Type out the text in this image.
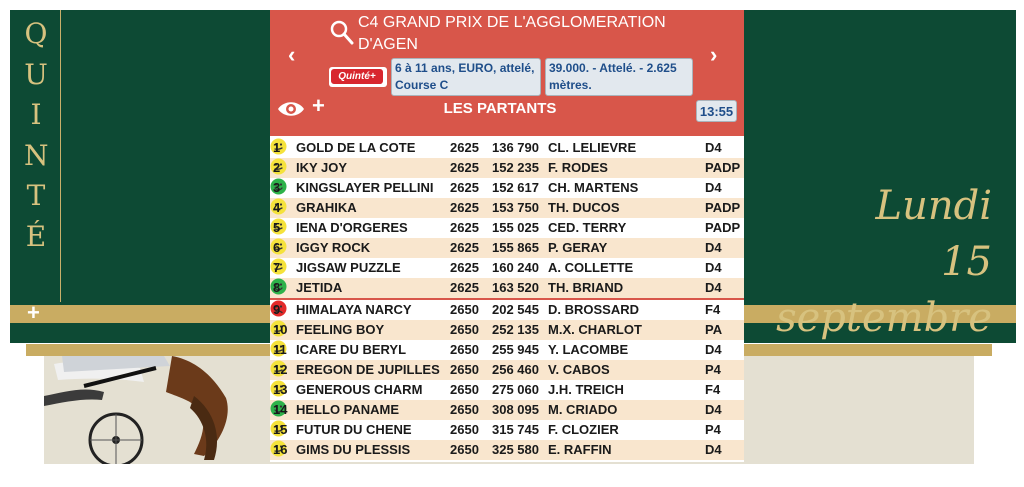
Q
U
I
N
T
É
+
Lundi
15 septembre
‹	›
C4 GRAND PRIX DE L'AGGLOMERATION D'AGEN
Quinté+
6 à 11 ans, EURO, attelé, Course C
39.000. - Attelé. - 2.625 mètres.
+	LES PARTANTS	13:55
1 GOLD DE LA COTE	2625 136 790 CL. LELIEVRE	D4
2 IKY JOY	2625 152 235 F. RODES	PADP
3 KINGSLAYER PELLINI 2625 152 617 CH. MARTENS	D4
4 GRAHIKA	2625 153 750 TH. DUCOS	PADP
5 IENA D'ORGERES	2625 155 025 CED. TERRY	PADP
6 IGGY ROCK	2625 155 865 P. GERAY	D4
7 JIGSAW PUZZLE	2625 160 240 A. COLLETTE	D4
8 JETIDA	2625 163 520 TH. BRIAND	D4
9 HIMALAYA NARCY	2650 202 545 D. BROSSARD	F4
10 FEELING BOY	2650 252 135 M.X. CHARLOT	PA
11 ICARE DU BERYL	2650 255 945 Y. LACOMBE	D4
12 EREGON DE JUPILLES 2650 256 460 V. CABOS	P4
13 GENEROUS CHARM 2650 275 060 J.H. TREICH	F4
14 HELLO PANAME	2650 308 095 M. CRIADO	D4
15 FUTUR DU CHENE	2650 315 745 F. CLOZIER	P4
16 GIMS DU PLESSIS	2650 325 580 E. RAFFIN	D4
